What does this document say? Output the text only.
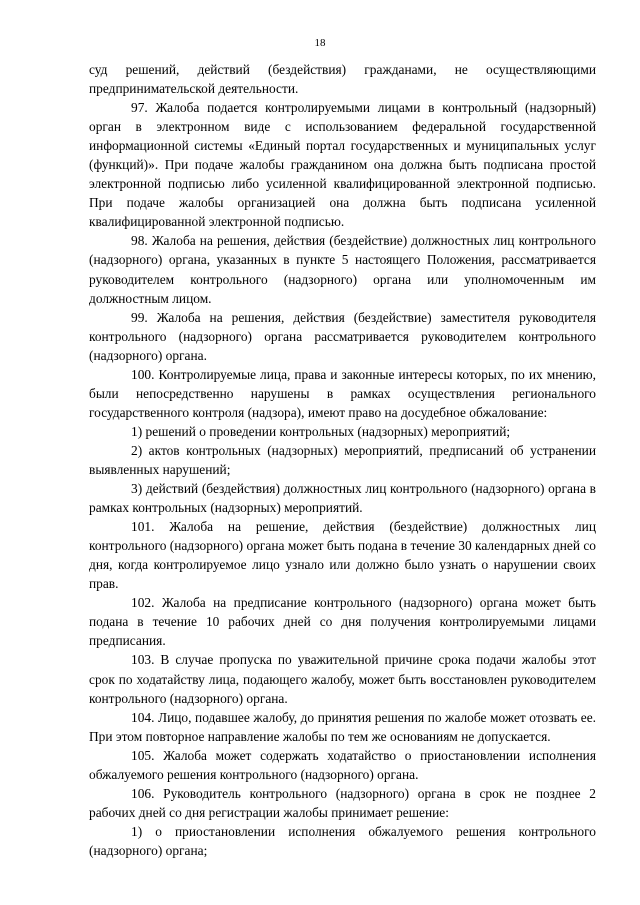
18

суд решений, действий (бездействия) гражданами, не осуществляющими предпринимательской деятельности.

97. Жалоба подается контролируемыми лицами в контрольный (надзорный) орган в электронном виде с использованием федеральной государственной информационной системы «Единый портал государственных и муниципальных услуг (функций)». При подаче жалобы гражданином она должна быть подписана простой электронной подписью либо усиленной квалифицированной электронной подписью. При подаче жалобы организацией она должна быть подписана усиленной квалифицированной электронной подписью.

98. Жалоба на решения, действия (бездействие) должностных лиц контрольного (надзорного) органа, указанных в пункте 5 настоящего Положения, рассматривается руководителем контрольного (надзорного) органа или уполномоченным им должностным лицом.

99. Жалоба на решения, действия (бездействие) заместителя руководителя контрольного (надзорного) органа рассматривается руководителем контрольного (надзорного) органа.

100. Контролируемые лица, права и законные интересы которых, по их мнению, были непосредственно нарушены в рамках осуществления регионального государственного контроля (надзора), имеют право на досудебное обжалование:

1) решений о проведении контрольных (надзорных) мероприятий;

2) актов контрольных (надзорных) мероприятий, предписаний об устранении выявленных нарушений;

3) действий (бездействия) должностных лиц контрольного (надзорного) органа в рамках контрольных (надзорных) мероприятий.

101. Жалоба на решение, действия (бездействие) должностных лиц контрольного (надзорного) органа может быть подана в течение 30 календарных дней со дня, когда контролируемое лицо узнало или должно было узнать о нарушении своих прав.

102. Жалоба на предписание контрольного (надзорного) органа может быть подана в течение 10 рабочих дней со дня получения контролируемыми лицами предписания.

103. В случае пропуска по уважительной причине срока подачи жалобы этот срок по ходатайству лица, подающего жалобу, может быть восстановлен руководителем контрольного (надзорного) органа.

104. Лицо, подавшее жалобу, до принятия решения по жалобе может отозвать ее. При этом повторное направление жалобы по тем же основаниям не допускается.

105. Жалоба может содержать ходатайство о приостановлении исполнения обжалуемого решения контрольного (надзорного) органа.

106. Руководитель контрольного (надзорного) органа в срок не позднее 2 рабочих дней со дня регистрации жалобы принимает решение:

1) о приостановлении исполнения обжалуемого решения контрольного (надзорного) органа;
